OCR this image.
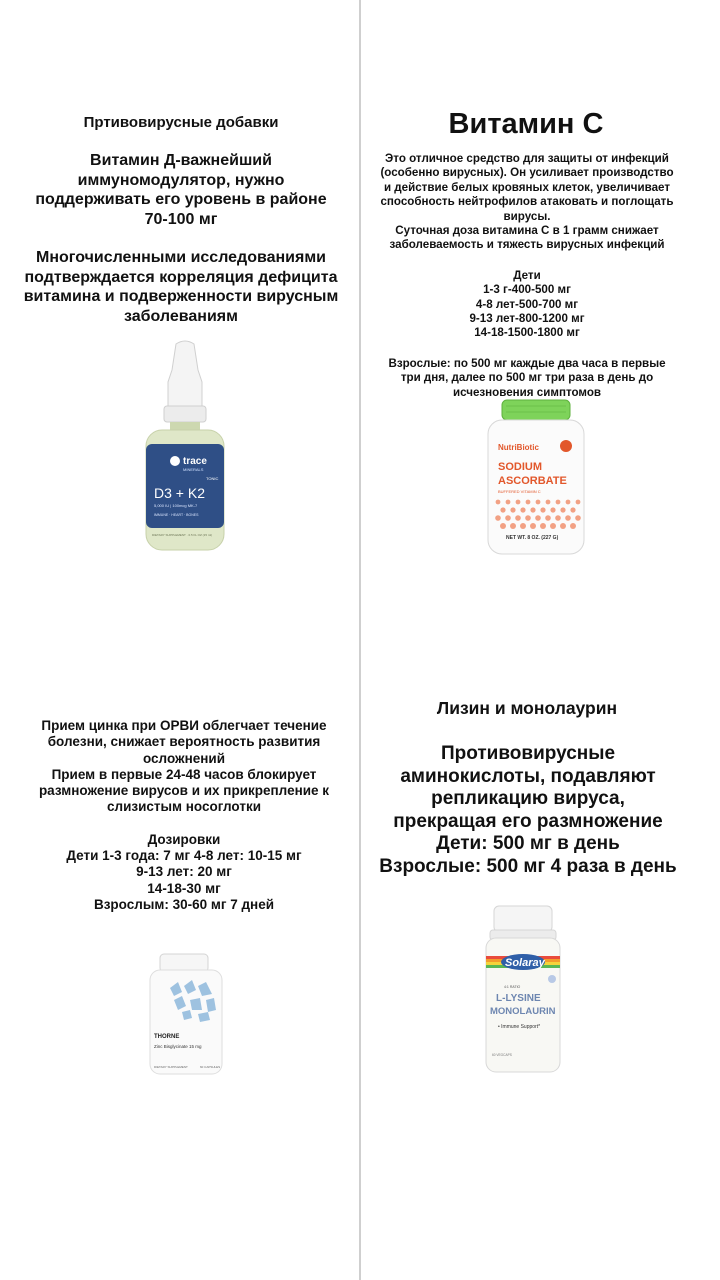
Пртивовирусные добавки

Витамин Д-важнейший

иммуномодулятор, нужно

поддерживать его уровень в районе

70-100 мг

Многочисленными исследованиями

подтверждается корреляция дефицита

витамина и подверженности вирусным

заболеваниям

trace
MINERALS
TONIC
D3 + K2
5,000 IU | 100mcg MK-7
IMMUNE · HEART · BONES
DIETARY SUPPLEMENT · 0.5 FL OZ (15 ml)
Витамин С

Это отличное средство для защиты от инфекций

(особенно вирусных). Он усиливает производство

и действие белых кровяных клеток, увеличивает

способность нейтрофилов атаковать и поглощать

вирусы.

Суточная доза витамина С в 1 грамм снижает

заболеваемость и тяжесть вирусных инфекций

Дети

1-3 г-400-500 мг

4-8 лет-500-700 мг

9-13 лет-800-1200 мг

14-18-1500-1800 мг

Взрослые: по 500 мг каждые два часа в первые

три дня, далее по 500 мг три раза в день до

исчезновения симптомов

NutriBiotic
SODIUM
ASCORBATE
BUFFERED VITAMIN C
NET WT. 8 OZ. (227 G)

Прием цинка при ОРВИ облегчает течение

болезни, снижает вероятность развития

осложнений

Прием в первые 24-48 часов блокирует

размножение вирусов и их прикрепление к

слизистым носоглотки

Дозировки

Дети 1-3 года: 7 мг 4-8 лет: 10-15 мг

9-13 лет: 20 мг

14-18-30 мг

Взрослым: 30-60 мг 7 дней

THORNE
Zinc Bisglycinate 15 mg
DIETARY SUPPLEMENT	60 CAPSULES
Лизин и монолаурин

Противовирусные

аминокислоты, подавляют

репликацию вируса,

прекращая его размножение

Дети: 500 мг в день

Взрослые: 500 мг 4 раза в день

Solaray
4:1 RATIO
L-LYSINE
MONOLAURIN
• Immune Support*
60 VEGCAPS
